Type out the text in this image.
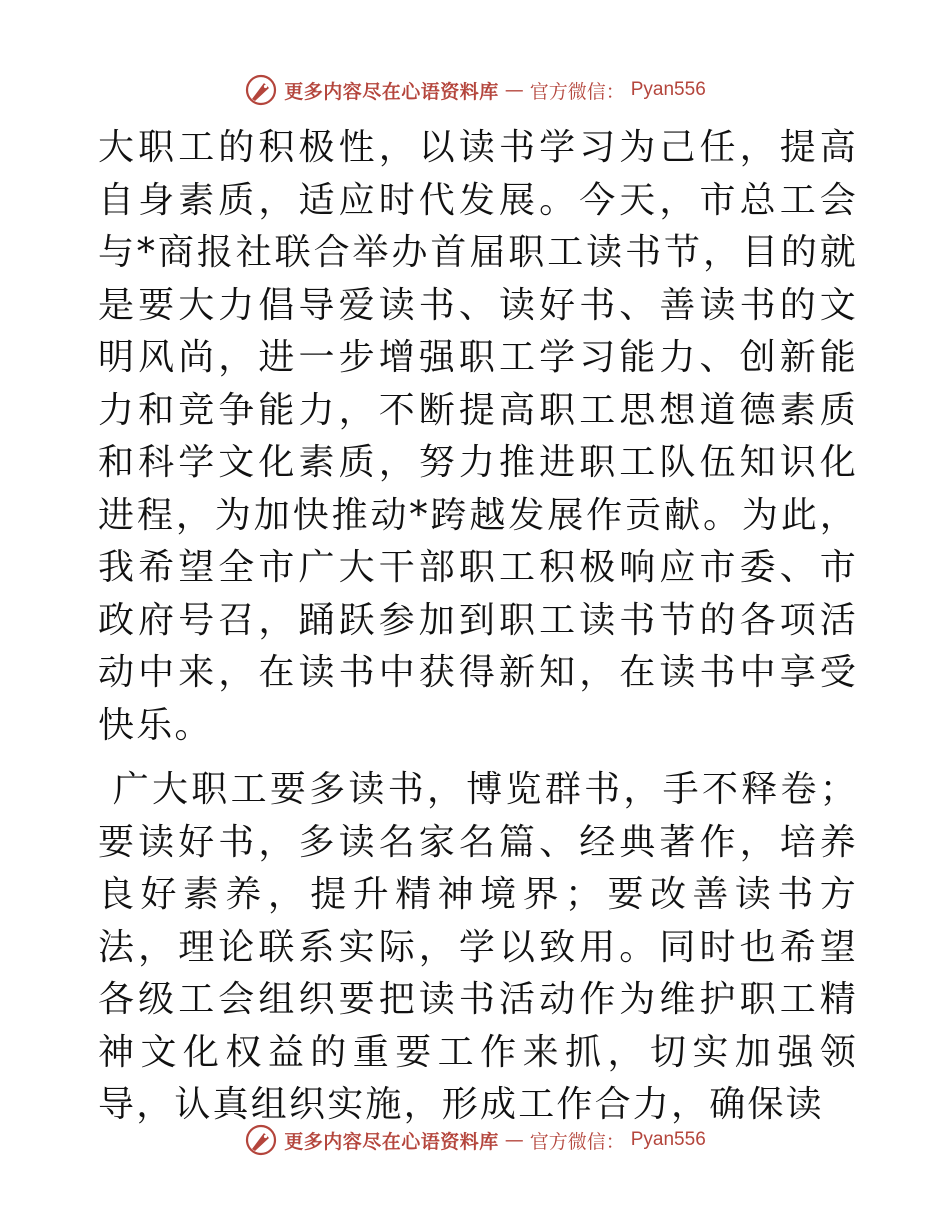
更多内容尽在心语资料库 — 官方微信： Pyan556

大职工的积极性，以读书学习为己任，提高自身素质，适应时代发展。今天，市总工会与*商报社联合举办首届职工读书节，目的就是要大力倡导爱读书、读好书、善读书的文明风尚，进一步增强职工学习能力、创新能力和竞争能力，不断提高职工思想道德素质和科学文化素质，努力推进职工队伍知识化进程，为加快推动*跨越发展作贡献。为此，我希望全市广大干部职工积极响应市委、市政府号召，踊跃参加到职工读书节的各项活动中来，在读书中获得新知，在读书中享受快乐。

广大职工要多读书，博览群书，手不释卷；要读好书，多读名家名篇、经典著作，培养良好素养，提升精神境界；要改善读书方法，理论联系实际，学以致用。同时也希望各级工会组织要把读书活动作为维护职工精神文化权益的重要工作来抓，切实加强领导，认真组织实施，形成工作合力，确保读

更多内容尽在心语资料库 — 官方微信： Pyan556
